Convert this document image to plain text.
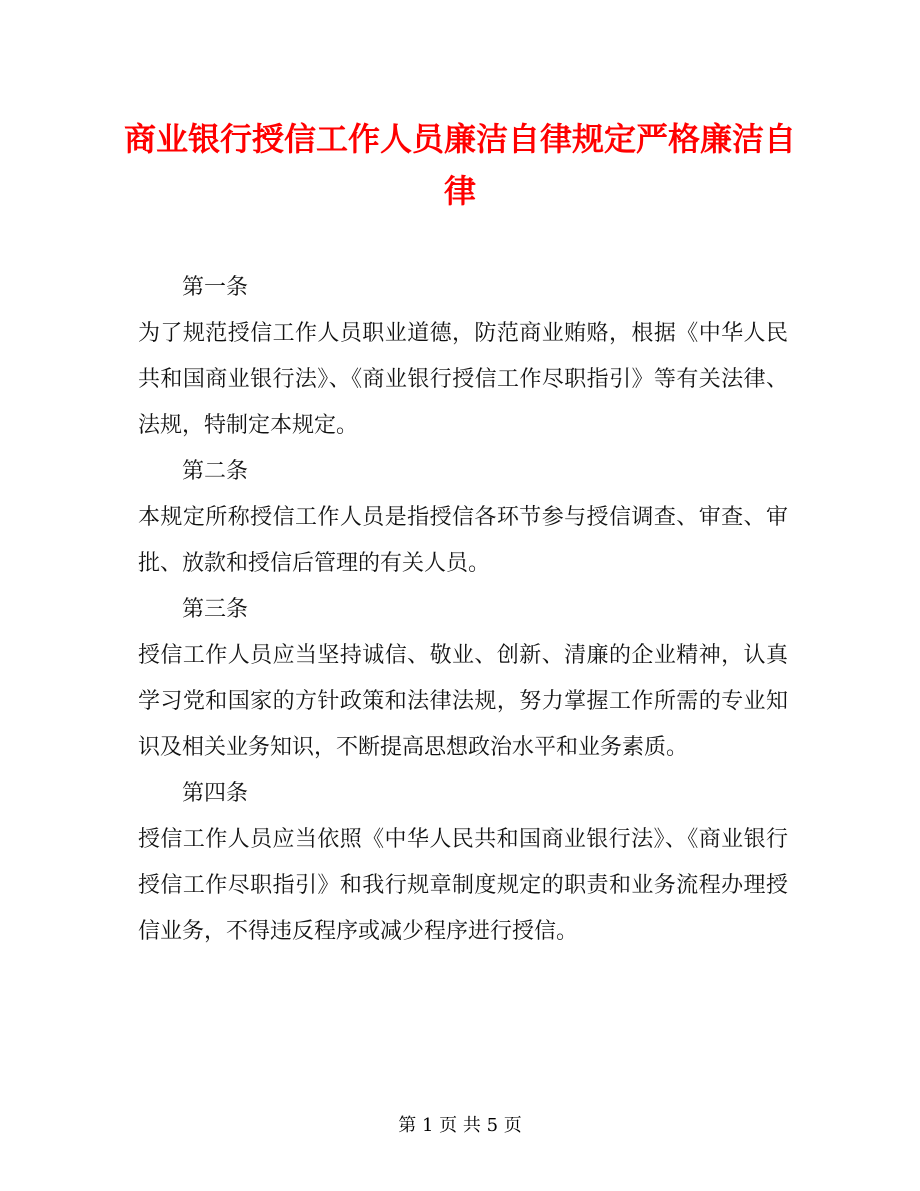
商业银行授信工作人员廉洁自律规定严格廉洁自律

第一条

为了规范授信工作人员职业道德，防范商业贿赂，根据《中华人民共和国商业银行法》、《商业银行授信工作尽职指引》等有关法律、法规，特制定本规定。

第二条

本规定所称授信工作人员是指授信各环节参与授信调查、审查、审批、放款和授信后管理的有关人员。

第三条

授信工作人员应当坚持诚信、敬业、创新、清廉的企业精神，认真学习党和国家的方针政策和法律法规，努力掌握工作所需的专业知识及相关业务知识，不断提高思想政治水平和业务素质。

第四条

授信工作人员应当依照《中华人民共和国商业银行法》、《商业银行授信工作尽职指引》和我行规章制度规定的职责和业务流程办理授信业务，不得违反程序或减少程序进行授信。

第 1 页 共 5 页
